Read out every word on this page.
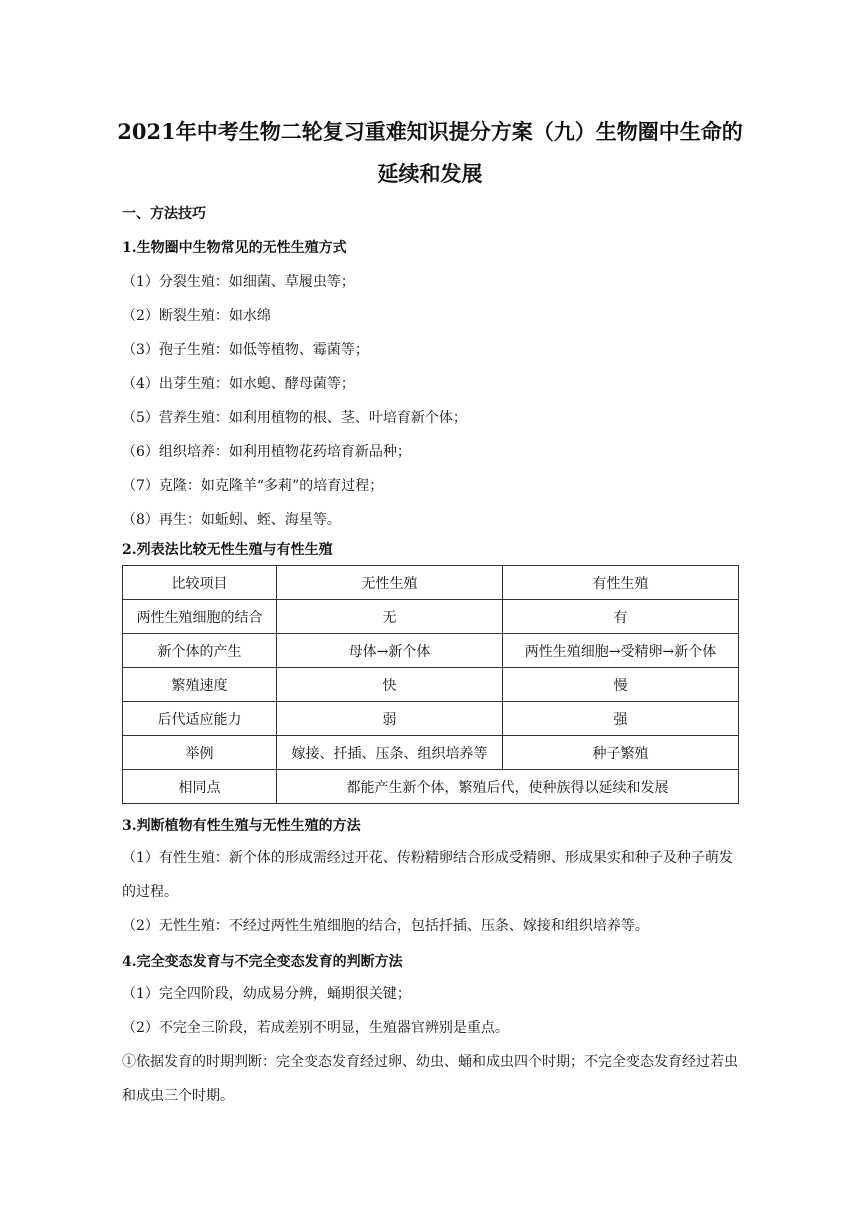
2021年中考生物二轮复习重难知识提分方案（九）生物圈中生命的延续和发展
一、方法技巧
1.生物圈中生物常见的无性生殖方式
（1）分裂生殖：如细菌、草履虫等；
（2）断裂生殖：如水绵
（3）孢子生殖：如低等植物、霉菌等；
（4）出芽生殖：如水螅、酵母菌等；
（5）营养生殖：如利用植物的根、茎、叶培育新个体；
（6）组织培养：如利用植物花药培育新品种；
（7）克隆：如克隆羊“多莉”的培育过程；
（8）再生：如蚯蚓、蛭、海星等。
2.列表法比较无性生殖与有性生殖
比较项目	无性生殖	有性生殖
两性生殖细胞的结合	无	有
新个体的产生	母体→新个体	两性生殖细胞→受精卵→新个体
繁殖速度	快	慢
后代适应能力	弱	强
举例	嫁接、扦插、压条、组织培养等	种子繁殖
相同点	都能产生新个体，繁殖后代，使种族得以延续和发展	
3.判断植物有性生殖与无性生殖的方法
（1）有性生殖：新个体的形成需经过开花、传粉精卵结合形成受精卵、形成果实和种子及种子萌发的过程。
（2）无性生殖：不经过两性生殖细胞的结合，包括扦插、压条、嫁接和组织培养等。
4.完全变态发育与不完全变态发育的判断方法
（1）完全四阶段，幼成易分辨，蛹期很关键；
（2）不完全三阶段，若成差别不明显，生殖器官辨别是重点。
①依据发育的时期判断：完全变态发育经过卵、幼虫、蛹和成虫四个时期；不完全变态发育经过若虫和成虫三个时期。
